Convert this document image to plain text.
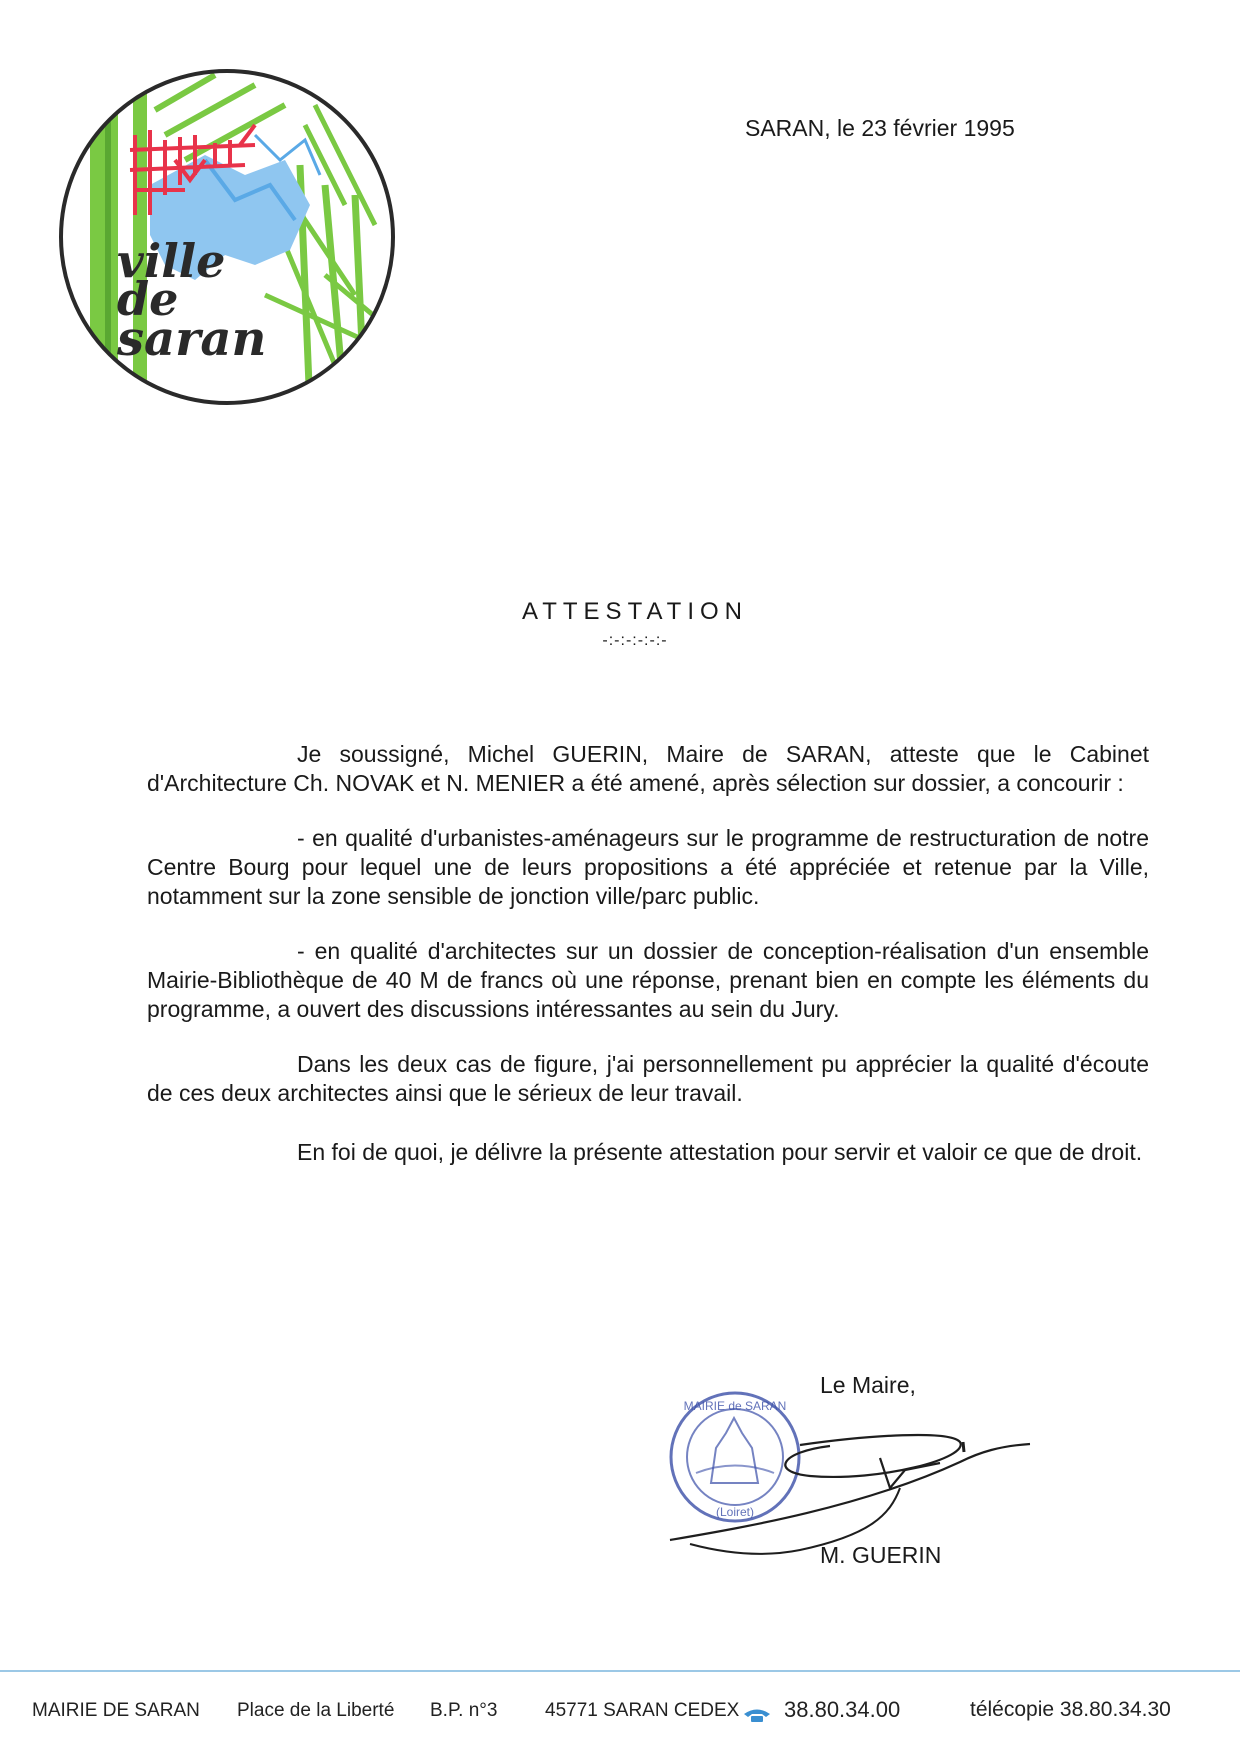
ville
de
saran
SARAN, le 23 février 1995
ATTESTATION
-:-:-:-:-:-

Je soussigné, Michel GUERIN, Maire de SARAN, atteste que le Cabinet d'Architecture Ch. NOVAK et N. MENIER a été amené, après sélection sur dossier, a concourir :

- en qualité d'urbanistes-aménageurs sur le programme de restructuration de notre Centre Bourg pour lequel une de leurs propositions a été appréciée et retenue par la Ville, notamment sur la zone sensible de jonction ville/parc public.

- en qualité d'architectes sur un dossier de conception-réalisation d'un ensemble Mairie-Bibliothèque de 40 M de francs où une réponse, prenant bien en compte les éléments du programme, a ouvert des discussions intéressantes au sein du Jury.

Dans les deux cas de figure, j'ai personnellement pu apprécier la qualité d'écoute de ces deux architectes ainsi que le sérieux de leur travail.

En foi de quoi, je délivre la présente attestation pour servir et valoir ce que de droit.

Le Maire,
MAIRIE de SARAN
(Loiret)
M. GUERIN
MAIRIE DE SARAN Place de la Liberté B.P. n°3	45771 SARAN CEDEX	38.80.34.00	télécopie 38.80.34.30
